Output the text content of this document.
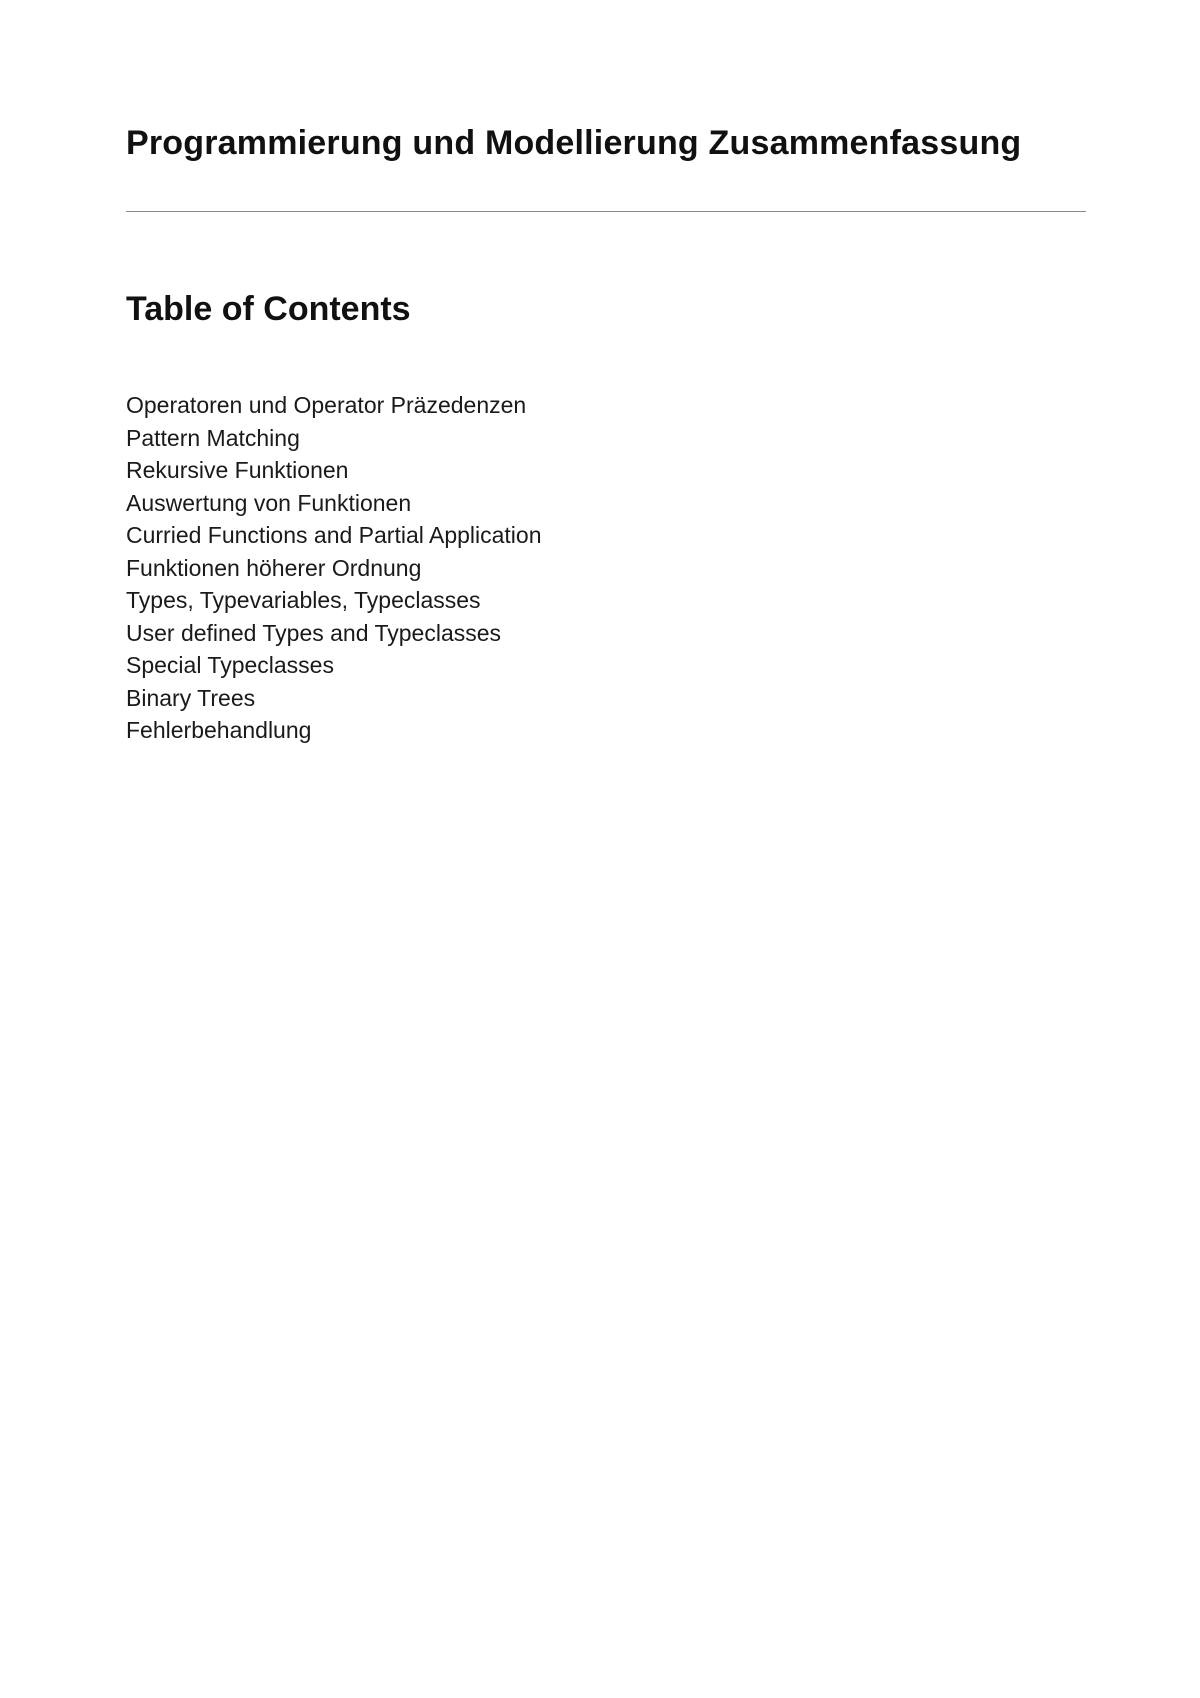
Programmierung und Modellierung Zusammenfassung
Table of Contents
Operatoren und Operator Präzedenzen
Pattern Matching
Rekursive Funktionen
Auswertung von Funktionen
Curried Functions and Partial Application
Funktionen höherer Ordnung
Types, Typevariables, Typeclasses
User defined Types and Typeclasses
Special Typeclasses
Binary Trees
Fehlerbehandlung
